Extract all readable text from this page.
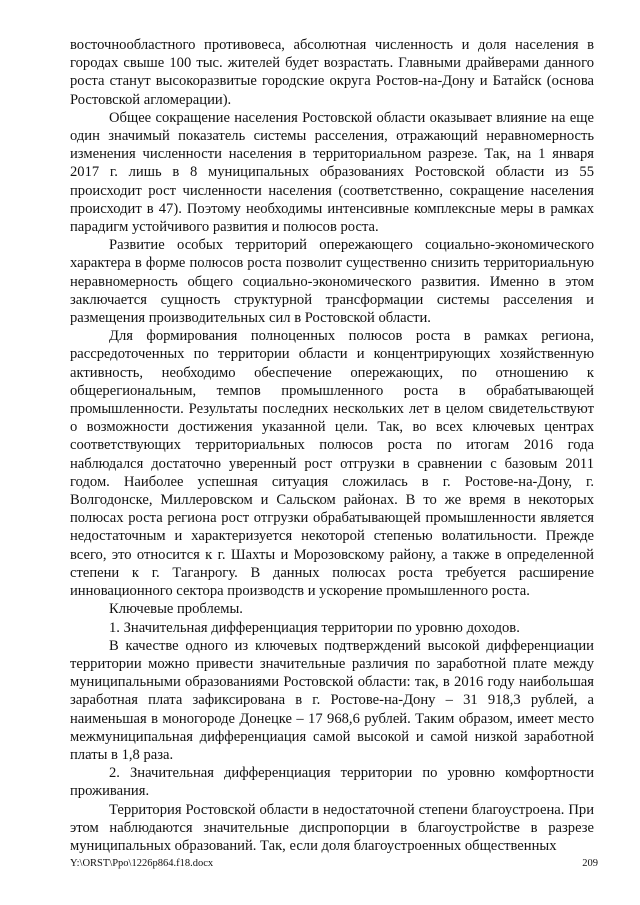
восточнообластного противовеса, абсолютная численность и доля населения в городах свыше 100 тыс. жителей будет возрастать. Главными драйверами данного роста станут высокоразвитые городские округа Ростов-на-Дону и Батайск (основа Ростовской агломерации).

Общее сокращение населения Ростовской области оказывает влияние на еще один значимый показатель системы расселения, отражающий неравномерность изменения численности населения в территориальном разрезе. Так, на 1 января 2017 г. лишь в 8 муниципальных образованиях Ростовской области из 55 происходит рост численности населения (соответственно, сокращение населения происходит в 47). Поэтому необходимы интенсивные комплексные меры в рамках парадигм устойчивого развития и полюсов роста.

Развитие особых территорий опережающего социально-экономического характера в форме полюсов роста позволит существенно снизить территориальную неравномерность общего социально-экономического развития. Именно в этом заключается сущность структурной трансформации системы расселения и размещения производительных сил в Ростовской области.

Для формирования полноценных полюсов роста в рамках региона, рассредоточенных по территории области и концентрирующих хозяйственную активность, необходимо обеспечение опережающих, по отношению к общерегиональным, темпов промышленного роста в обрабатывающей промышленности. Результаты последних нескольких лет в целом свидетельствуют о возможности достижения указанной цели. Так, во всех ключевых центрах соответствующих территориальных полюсов роста по итогам 2016 года наблюдался достаточно уверенный рост отгрузки в сравнении с базовым 2011 годом. Наиболее успешная ситуация сложилась в г. Ростове-на-Дону, г. Волгодонске, Миллеровском и Сальском районах. В то же время в некоторых полюсах роста региона рост отгрузки обрабатывающей промышленности является недостаточным и характеризуется некоторой степенью волатильности. Прежде всего, это относится к г. Шахты и Морозовскому району, а также в определенной степени к г. Таганрогу. В данных полюсах роста требуется расширение инновационного сектора производств и ускорение промышленного роста.

Ключевые проблемы.

1. Значительная дифференциация территории по уровню доходов.

В качестве одного из ключевых подтверждений высокой дифференциации территории можно привести значительные различия по заработной плате между муниципальными образованиями Ростовской области: так, в 2016 году наибольшая заработная плата зафиксирована в г. Ростове-на-Дону – 31 918,3 рублей, а наименьшая в моногороде Донецке – 17 968,6 рублей. Таким образом, имеет место межмуниципальная дифференциация самой высокой и самой низкой заработной платы в 1,8 раза.

2. Значительная дифференциация территории по уровню комфортности проживания.

Территория Ростовской области в недостаточной степени благоустроена. При этом наблюдаются значительные диспропорции в благоустройстве в разрезе муниципальных образований. Так, если доля благоустроенных общественных

Y:\ORST\Ppo\1226p864.f18.docx	209
